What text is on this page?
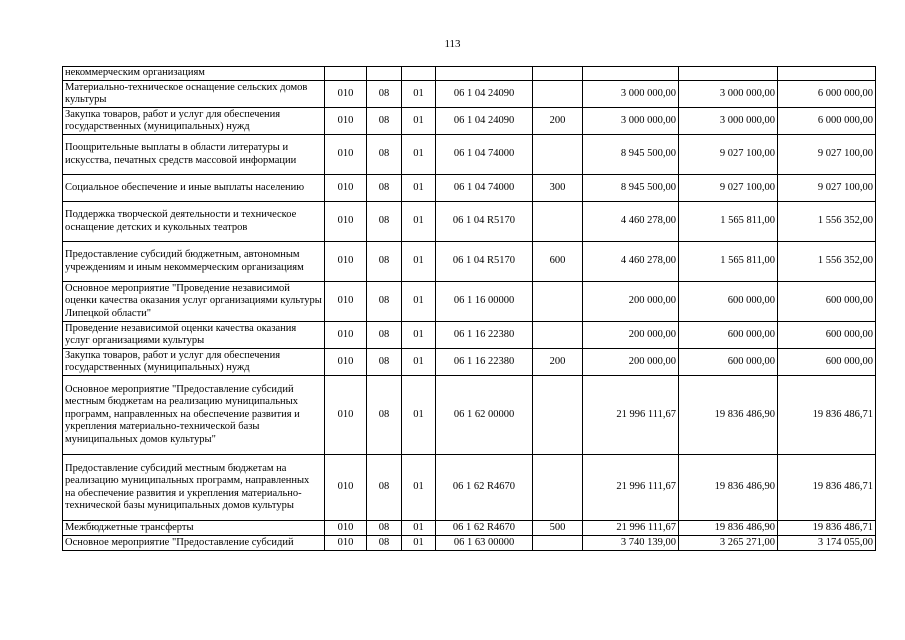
113
некоммерческим организациям								
Материально-техническое оснащение сельских домов культуры	010	08	01	06 1 04 24090		3 000 000,00	3 000 000,00	6 000 000,00
Закупка товаров, работ и услуг для обеспечения государственных (муниципальных) нужд	010	08	01	06 1 04 24090	200	3 000 000,00	3 000 000,00	6 000 000,00
Поощрительные выплаты в области литературы и искусства, печатных средств массовой информации	010	08	01	06 1 04 74000		8 945 500,00	9 027 100,00	9 027 100,00
Социальное обеспечение и иные выплаты населению	010	08	01	06 1 04 74000	300	8 945 500,00	9 027 100,00	9 027 100,00
Поддержка творческой деятельности и техническое оснащение детских и кукольных театров	010	08	01	06 1 04 R5170		4 460 278,00	1 565 811,00	1 556 352,00
Предоставление субсидий бюджетным, автономным учреждениям и иным некоммерческим организациям	010	08	01	06 1 04 R5170	600	4 460 278,00	1 565 811,00	1 556 352,00
Основное мероприятие "Проведение независимой оценки качества оказания услуг организациями культуры Липецкой области"	010	08	01	06 1 16 00000		200 000,00	600 000,00	600 000,00
Проведение независимой оценки качества оказания услуг организациями культуры	010	08	01	06 1 16 22380		200 000,00	600 000,00	600 000,00
Закупка товаров, работ и услуг для обеспечения государственных (муниципальных) нужд	010	08	01	06 1 16 22380	200	200 000,00	600 000,00	600 000,00
Основное мероприятие "Предоставление субсидий местным бюджетам на реализацию муниципальных программ, направленных на обеспечение развития и укрепления материально-технической базы муниципальных домов культуры"	010	08	01	06 1 62 00000		21 996 111,67	19 836 486,90	19 836 486,71
Предоставление субсидий местным бюджетам на реализацию муниципальных программ, направленных на обеспечение развития и укрепления материально-технической базы муниципальных домов культуры	010	08	01	06 1 62 R4670		21 996 111,67	19 836 486,90	19 836 486,71
Межбюджетные трансферты	010	08	01	06 1 62 R4670	500	21 996 111,67	19 836 486,90	19 836 486,71
Основное мероприятие "Предоставление субсидий	010	08	01	06 1 63 00000		3 740 139,00	3 265 271,00	3 174 055,00
